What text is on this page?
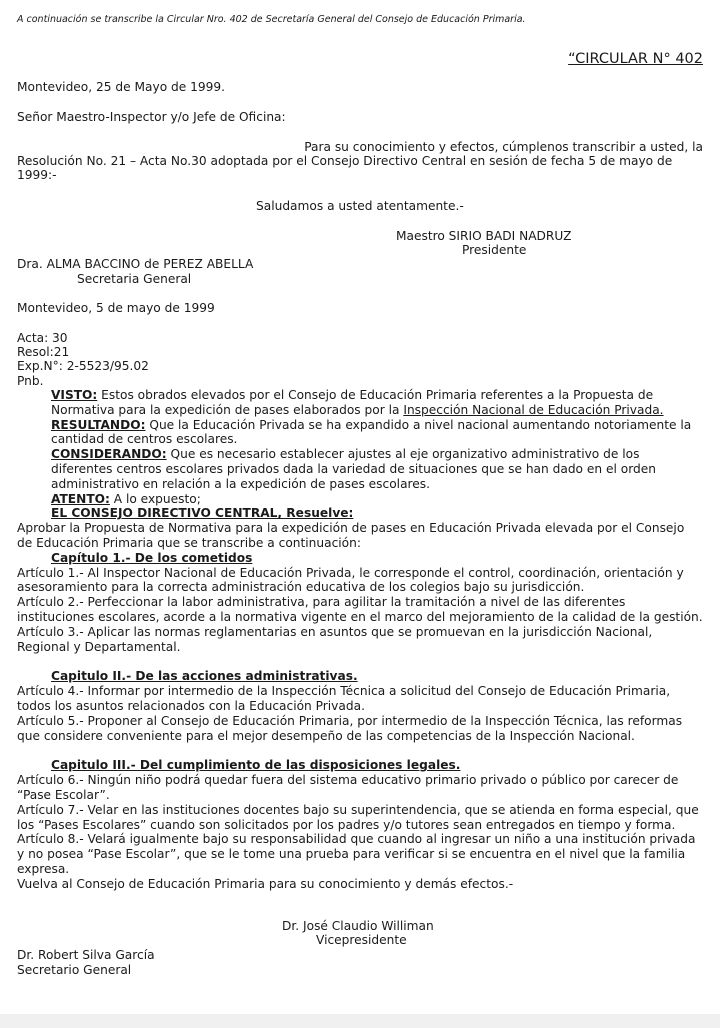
A continuación se transcribe la Circular Nro. 402 de Secretaría General del Consejo de Educación Primaria.
“CIRCULAR N° 402
Montevideo, 25 de Mayo de 1999.
Señor Maestro-Inspector y/o Jefe de Oficina:
Para su conocimiento y efectos, cúmplenos transcribir a usted, la
Resolución No. 21 – Acta No.30 adoptada por el Consejo Directivo Central en sesión de fecha 5 de mayo de
1999:-
Saludamos a usted atentamente.-
Maestro SIRIO BADI NADRUZ
Presidente
Dra. ALMA BACCINO de PEREZ ABELLA
Secretaria General
Montevideo, 5 de mayo de 1999
Acta: 30
Resol:21
Exp.N°: 2-5523/95.02
Pnb.

VISTO: Estos obrados elevados por el Consejo de Educación Primaria referentes a la Propuesta de Normativa para la expedición de pases elaborados por la Inspección Nacional de Educación Privada.

RESULTANDO: Que la Educación Privada se ha expandido a nivel nacional aumentando notoriamente la cantidad de centros escolares.

CONSIDERANDO: Que es necesario establecer ajustes al eje organizativo administrativo de los diferentes centros escolares privados dada la variedad de situaciones que se han dado en el orden administrativo en relación a la expedición de pases escolares.

ATENTO: A lo expuesto;

EL CONSEJO DIRECTIVO CENTRAL, Resuelve:

Aprobar la Propuesta de Normativa para la expedición de pases en Educación Privada elevada por el Consejo de Educación Primaria que se transcribe a continuación:

Capítulo 1.- De los cometidos

Artículo 1.- Al Inspector Nacional de Educación Privada, le corresponde el control, coordinación, orientación y asesoramiento para la correcta administración educativa de los colegios bajo su jurisdicción.

Artículo 2.- Perfeccionar la labor administrativa, para agilitar la tramitación a nivel de las diferentes instituciones escolares, acorde a la normativa vigente en el marco del mejoramiento de la calidad de la gestión.

Artículo 3.- Aplicar las normas reglamentarias en asuntos que se promuevan en la jurisdicción Nacional, Regional y Departamental.

Capitulo II.- De las acciones administrativas.

Artículo 4.- Informar por intermedio de la Inspección Técnica a solicitud del Consejo de Educación Primaria, todos los asuntos relacionados con la Educación Privada.

Artículo 5.- Proponer al Consejo de Educación Primaria, por intermedio de la Inspección Técnica, las reformas que considere conveniente para el mejor desempeño de las competencias de la Inspección Nacional.

Capitulo III.- Del cumplimiento de las disposiciones legales.

Artículo 6.- Ningún niño podrá quedar fuera del sistema educativo primario privado o público por carecer de “Pase Escolar”.

Artículo 7.- Velar en las instituciones docentes bajo su superintendencia, que se atienda en forma especial, que los “Pases Escolares” cuando son solicitados por los padres y/o tutores sean entregados en tiempo y forma.

Artículo 8.- Velará igualmente bajo su responsabilidad que cuando al ingresar un niño a una institución privada y no posea “Pase Escolar”, que se le tome una prueba para verificar si se encuentra en el nivel que la familia expresa.

Vuelva al Consejo de Educación Primaria para su conocimiento y demás efectos.-

Dr. José Claudio Williman
Vicepresidente
Dr. Robert Silva García
Secretario General
